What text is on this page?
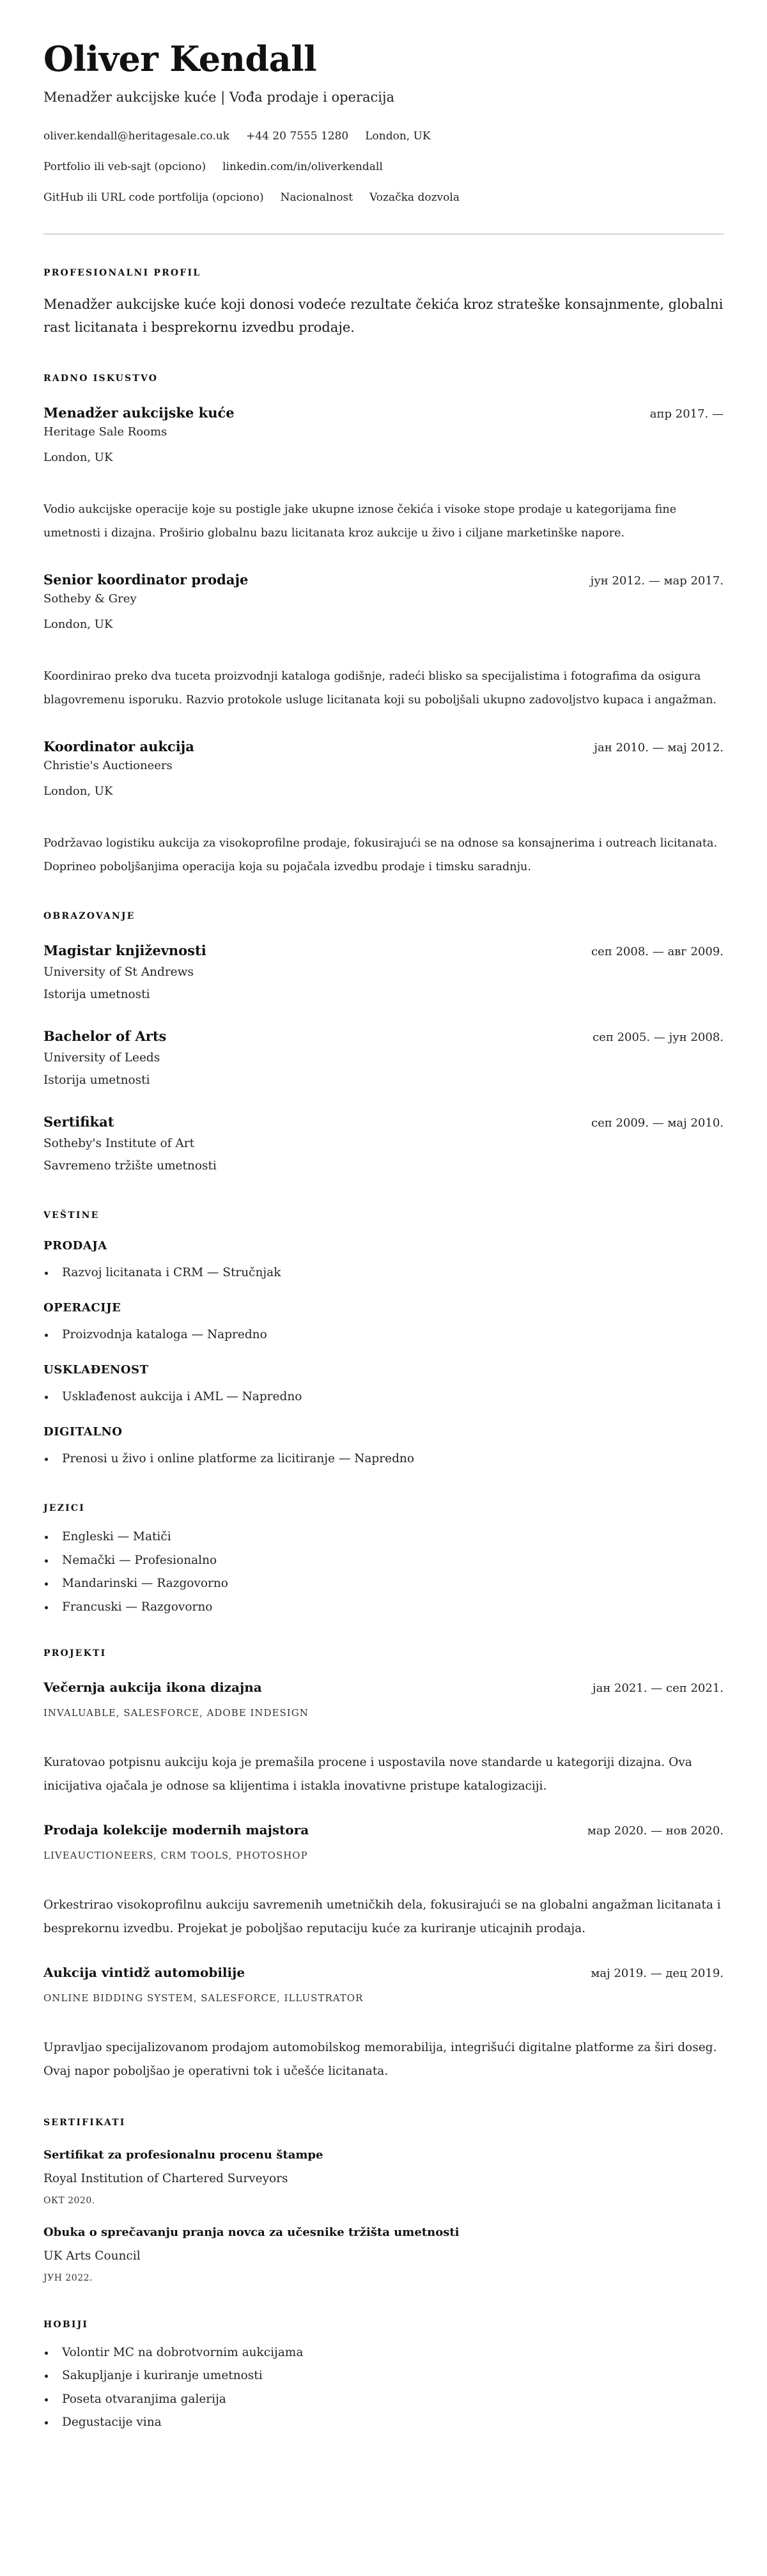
Oliver Kendall
Menadžer aukcijske kuće | Vođa prodaje i operacija
oliver.kendall@heritagesale.co.uk +44 20 7555 1280 London, UK
Portfolio ili veb-sajt (opciono) linkedin.com/in/oliverkendall
GitHub ili URL code portfolija (opciono) Nacionalnost Vozačka dozvola
PROFESIONALNI PROFIL
Menadžer aukcijske kuće koji donosi vodeće rezultate čekića kroz strateške konsajnmente, globalni rast licitanata i besprekornu izvedbu prodaje.
RADNO ISKUSTVO
Menadžer aukcijske kuće	апр 2017. —
Heritage Sale Rooms
London, UK
Vodio aukcijske operacije koje su postigle jake ukupne iznose čekića i visoke stope prodaje u kategorijama fine umetnosti i dizajna. Proširio globalnu bazu licitanata kroz aukcije u živo i ciljane marketinške napore.
Senior koordinator prodaje	јун 2012. — мар 2017.
Sotheby & Grey
London, UK
Koordinirao preko dva tuceta proizvodnji kataloga godišnje, radeći blisko sa specijalistima i fotografima da osigura blagovremenu isporuku. Razvio protokole usluge licitanata koji su poboljšali ukupno zadovoljstvo kupaca i angažman.
Koordinator aukcija	јан 2010. — мај 2012.
Christie's Auctioneers
London, UK
Podržavao logistiku aukcija za visokoprofilne prodaje, fokusirajući se na odnose sa konsajnerima i outreach licitanata. Doprineo poboljšanjima operacija koja su pojačala izvedbu prodaje i timsku saradnju.
OBRAZOVANJE
Magistar književnosti	сеп 2008. — авг 2009.
University of St Andrews
Istorija umetnosti
Bachelor of Arts	сеп 2005. — јун 2008.
University of Leeds
Istorija umetnosti
Sertifikat	сеп 2009. — мај 2010.
Sotheby's Institute of Art
Savremeno tržište umetnosti
VEŠTINE
PRODAJA
Razvoj licitanata i CRM — Stručnjak
OPERACIJE
Proizvodnja kataloga — Napredno
USKLAĐENOST
Usklađenost aukcija i AML — Napredno
DIGITALNO
Prenosi u živo i online platforme za licitiranje — Napredno
JEZICI
Engleski — Matiči
Nemački — Profesionalno
Mandarinski — Razgovorno
Francuski — Razgovorno
PROJEKTI
Večernja aukcija ikona dizajna	јан 2021. — сеп 2021.
INVALUABLE, SALESFORCE, ADOBE INDESIGN
Kuratovao potpisnu aukciju koja je premašila procene i uspostavila nove standarde u kategoriji dizajna. Ova inicijativa ojačala je odnose sa klijentima i istakla inovativne pristupe katalogizaciji.
Prodaja kolekcije modernih majstora	мар 2020. — нов 2020.
LIVEAUCTIONEERS, CRM TOOLS, PHOTOSHOP
Orkestrirao visokoprofilnu aukciju savremenih umetničkih dela, fokusirajući se na globalni angažman licitanata i besprekornu izvedbu. Projekat je poboljšao reputaciju kuće za kuriranje uticajnih prodaja.
Aukcija vintidž automobilije	мај 2019. — дец 2019.
ONLINE BIDDING SYSTEM, SALESFORCE, ILLUSTRATOR
Upravljao specijalizovanom prodajom automobilskog memorabilija, integrišući digitalne platforme za širi doseg. Ovaj napor poboljšao je operativni tok i učešće licitanata.
SERTIFIKATI
Sertifikat za profesionalnu procenu štampe
Royal Institution of Chartered Surveyors
ОКТ 2020.
Obuka o sprečavanju pranja novca za učesnike tržišta umetnosti
UK Arts Council
ЈУН 2022.
HOBIJI
Volontir MC na dobrotvornim aukcijama
Sakupljanje i kuriranje umetnosti
Poseta otvaranjima galerija
Degustacije vina
